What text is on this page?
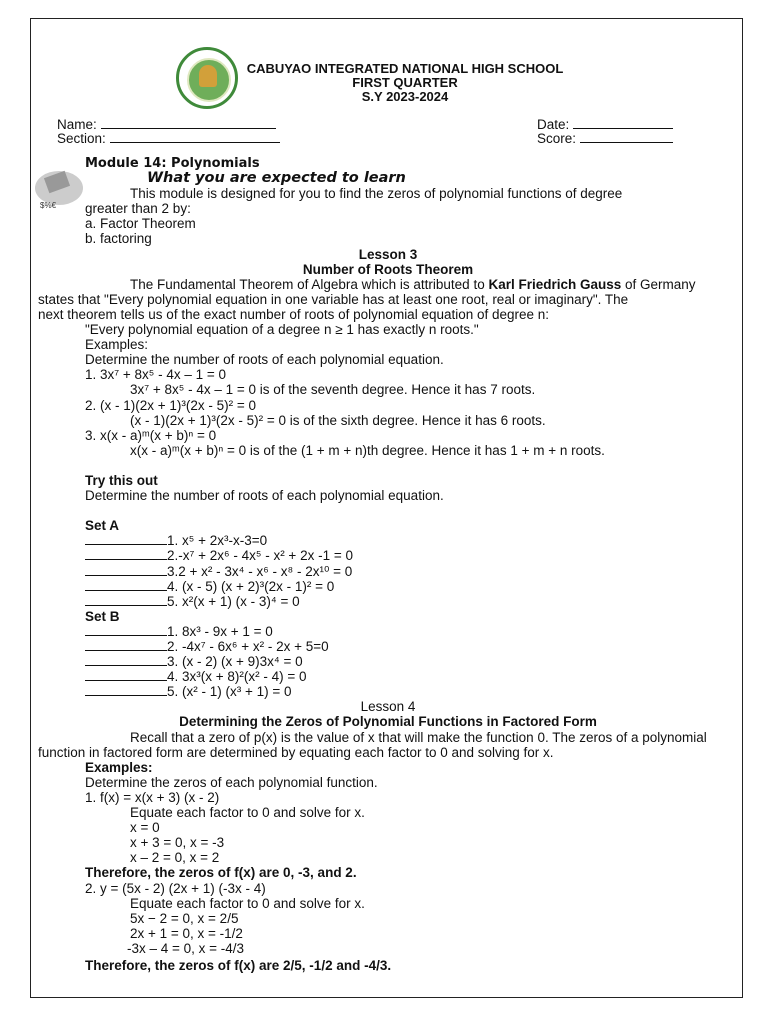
CABUYAO INTEGRATED NATIONAL HIGH SCHOOL
FIRST QUARTER
S.Y 2023-2024
Name:
Section:
Date:
Score:
$%€
Module 14: Polynomials
What you are expected to learn
This module is designed for you to find the zeros of polynomial functions of degree
greater than 2 by:
a. Factor Theorem
b. factoring
Lesson 3
Number of Roots Theorem
The Fundamental Theorem of Algebra which is attributed to Karl Friedrich Gauss of Germany
states that "Every polynomial equation in one variable has at least one root, real or imaginary". The
next theorem tells us of the exact number of roots of polynomial equation of degree n:
"Every polynomial equation of a degree n ≥ 1 has exactly n roots."
Examples:
Determine the number of roots of each polynomial equation.
1. 3x⁷ + 8x⁵ - 4x – 1 = 0
3x⁷ + 8x⁵ - 4x – 1 = 0 is of the seventh degree. Hence it has 7 roots.
2. (x - 1)(2x + 1)³(2x - 5)² = 0
(x - 1)(2x + 1)³(2x - 5)² = 0 is of the sixth degree. Hence it has 6 roots.
3. x(x - a)ᵐ(x + b)ⁿ = 0
x(x - a)ᵐ(x + b)ⁿ = 0 is of the (1 + m + n)th degree. Hence it has 1 + m + n roots.
Try this out
Determine the number of roots of each polynomial equation.
Set A
1. x⁵ + 2x³-x-3=0
2.-x⁷ + 2x⁶ - 4x⁵ - x² + 2x -1 = 0
3.2 + x² - 3x⁴ - x⁶ - x⁸ - 2x¹⁰ = 0
4. (x - 5) (x + 2)³(2x - 1)² = 0
5. x²(x + 1) (x - 3)⁴ = 0
Set B
1. 8x³ - 9x + 1 = 0
2. -4x⁷ - 6x⁶ + x² - 2x + 5=0
3. (x - 2) (x + 9)3x⁴ = 0
4. 3x³(x + 8)²(x² - 4) = 0
5. (x² - 1) (x³ + 1) = 0
Lesson 4
Determining the Zeros of Polynomial Functions in Factored Form
Recall that a zero of p(x) is the value of x that will make the function 0. The zeros of a polynomial
function in factored form are determined by equating each factor to 0 and solving for x.
Examples:
Determine the zeros of each polynomial function.
1. f(x) = x(x + 3) (x - 2)
Equate each factor to 0 and solve for x.
x = 0
x + 3 = 0, x = -3
x – 2 = 0, x = 2
Therefore, the zeros of f(x) are 0, -3, and 2.
2. y = (5x - 2) (2x + 1) (-3x - 4)
Equate each factor to 0 and solve for x.
5x − 2 = 0, x = 2/5
2x + 1 = 0, x = -1/2
-3x – 4 = 0, x = -4/3
Therefore, the zeros of f(x) are 2/5, -1/2 and -4/3.
